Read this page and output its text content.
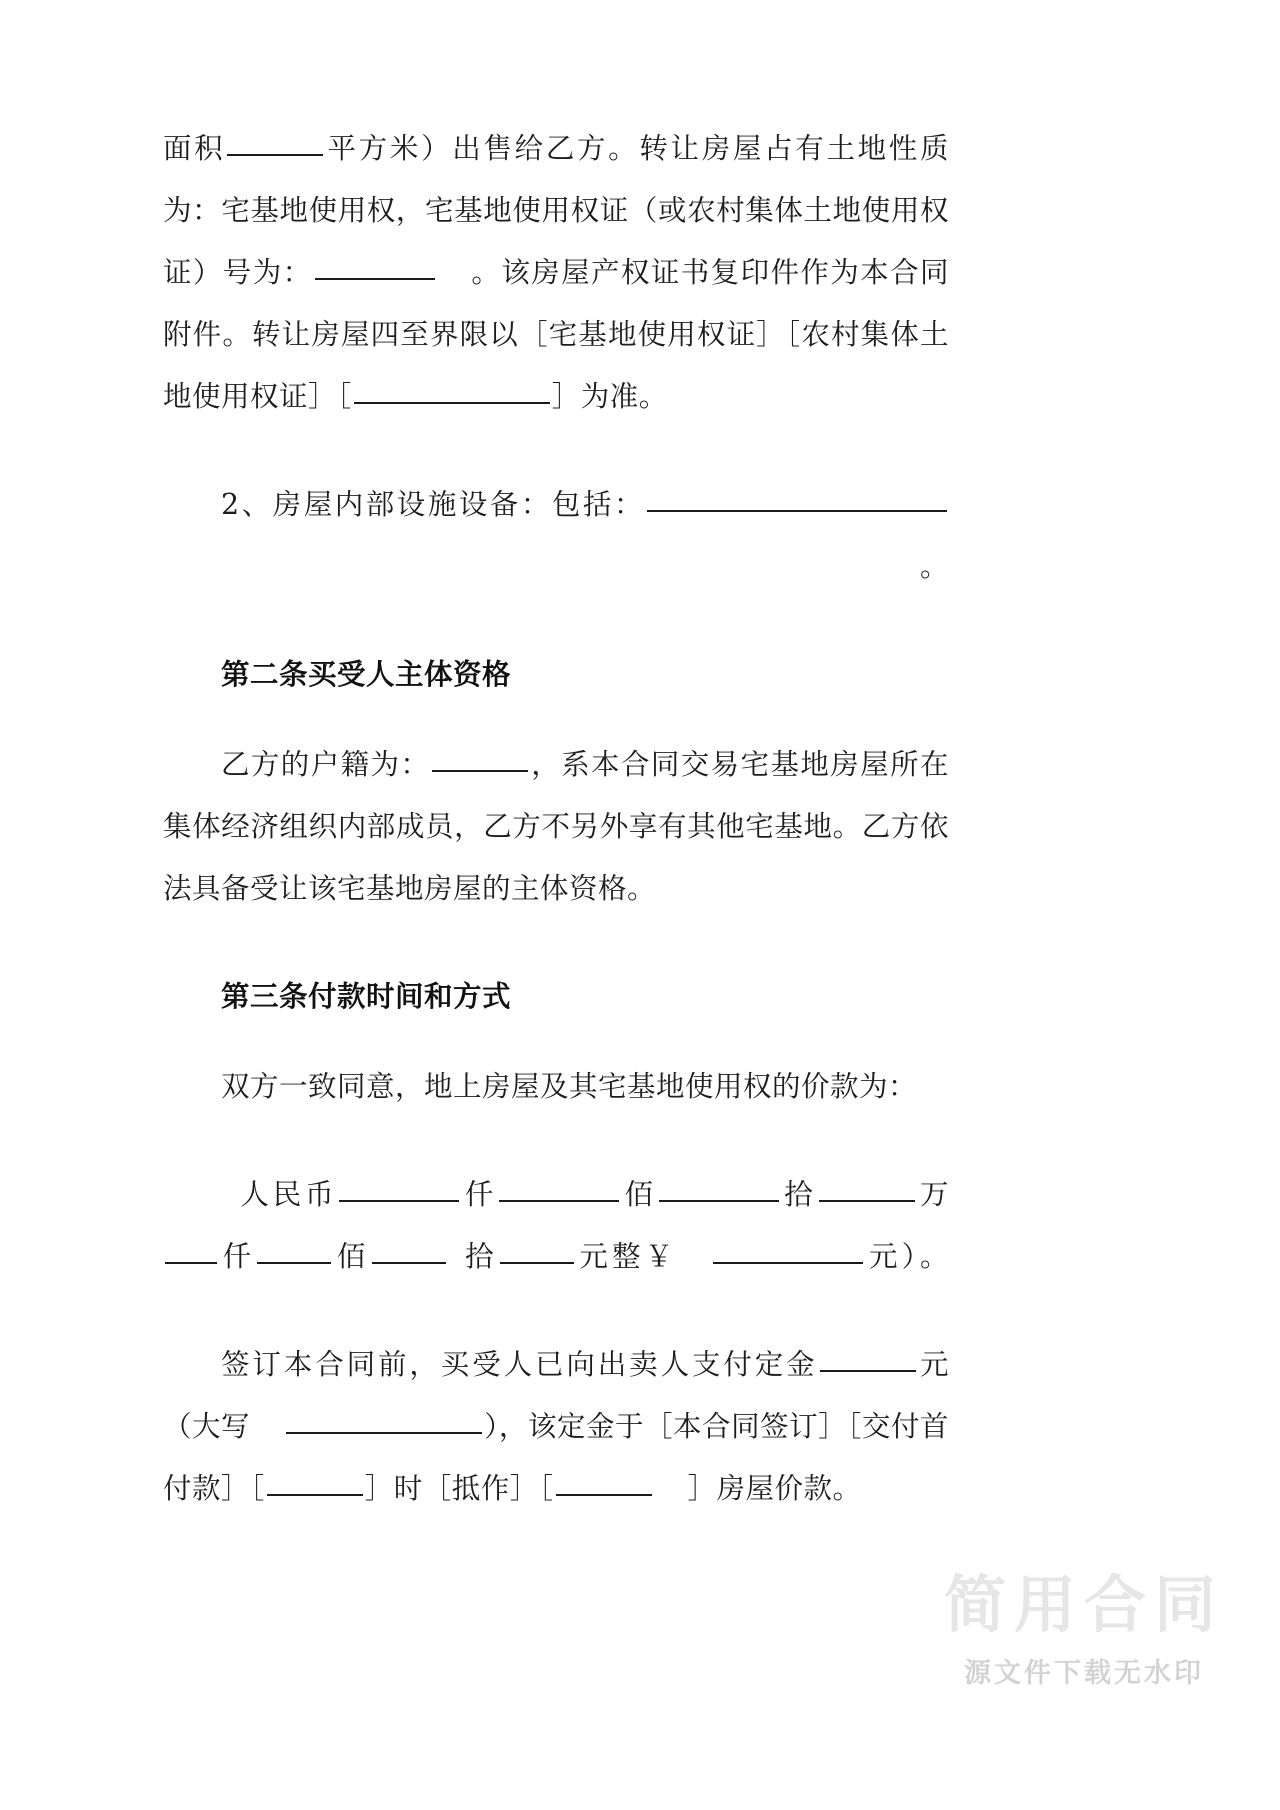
面积	平方米）出售给乙方。转让房屋占有土地性质为：宅基地使用权，宅基地使用权证（或农村集体土地使用权证）号为：	。该房屋产权证书复印件作为本合同附件。转让房屋四至界限以［宅基地使用权证］［农村集体土地使用权证］［	］为准。
2、房屋内部设施设备：包括：。
第二条买受人主体资格
乙方的户籍为：	，系本合同交易宅基地房屋所在集体经济组织内部成员，乙方不另外享有其他宅基地。乙方依法具备受让该宅基地房屋的主体资格。
第三条付款时间和方式
双方一致同意，地上房屋及其宅基地使用权的价款为：
人民币	仟	佰	拾	万
仟	佰	拾	元整￥	元）。
签订本合同前，买受人已向出卖人支付定金	元（大写	），该定金于［本合同签订］［交付首付款］［	］时［抵作］［	］房屋价款。
简用合同
源文件下载无水印
